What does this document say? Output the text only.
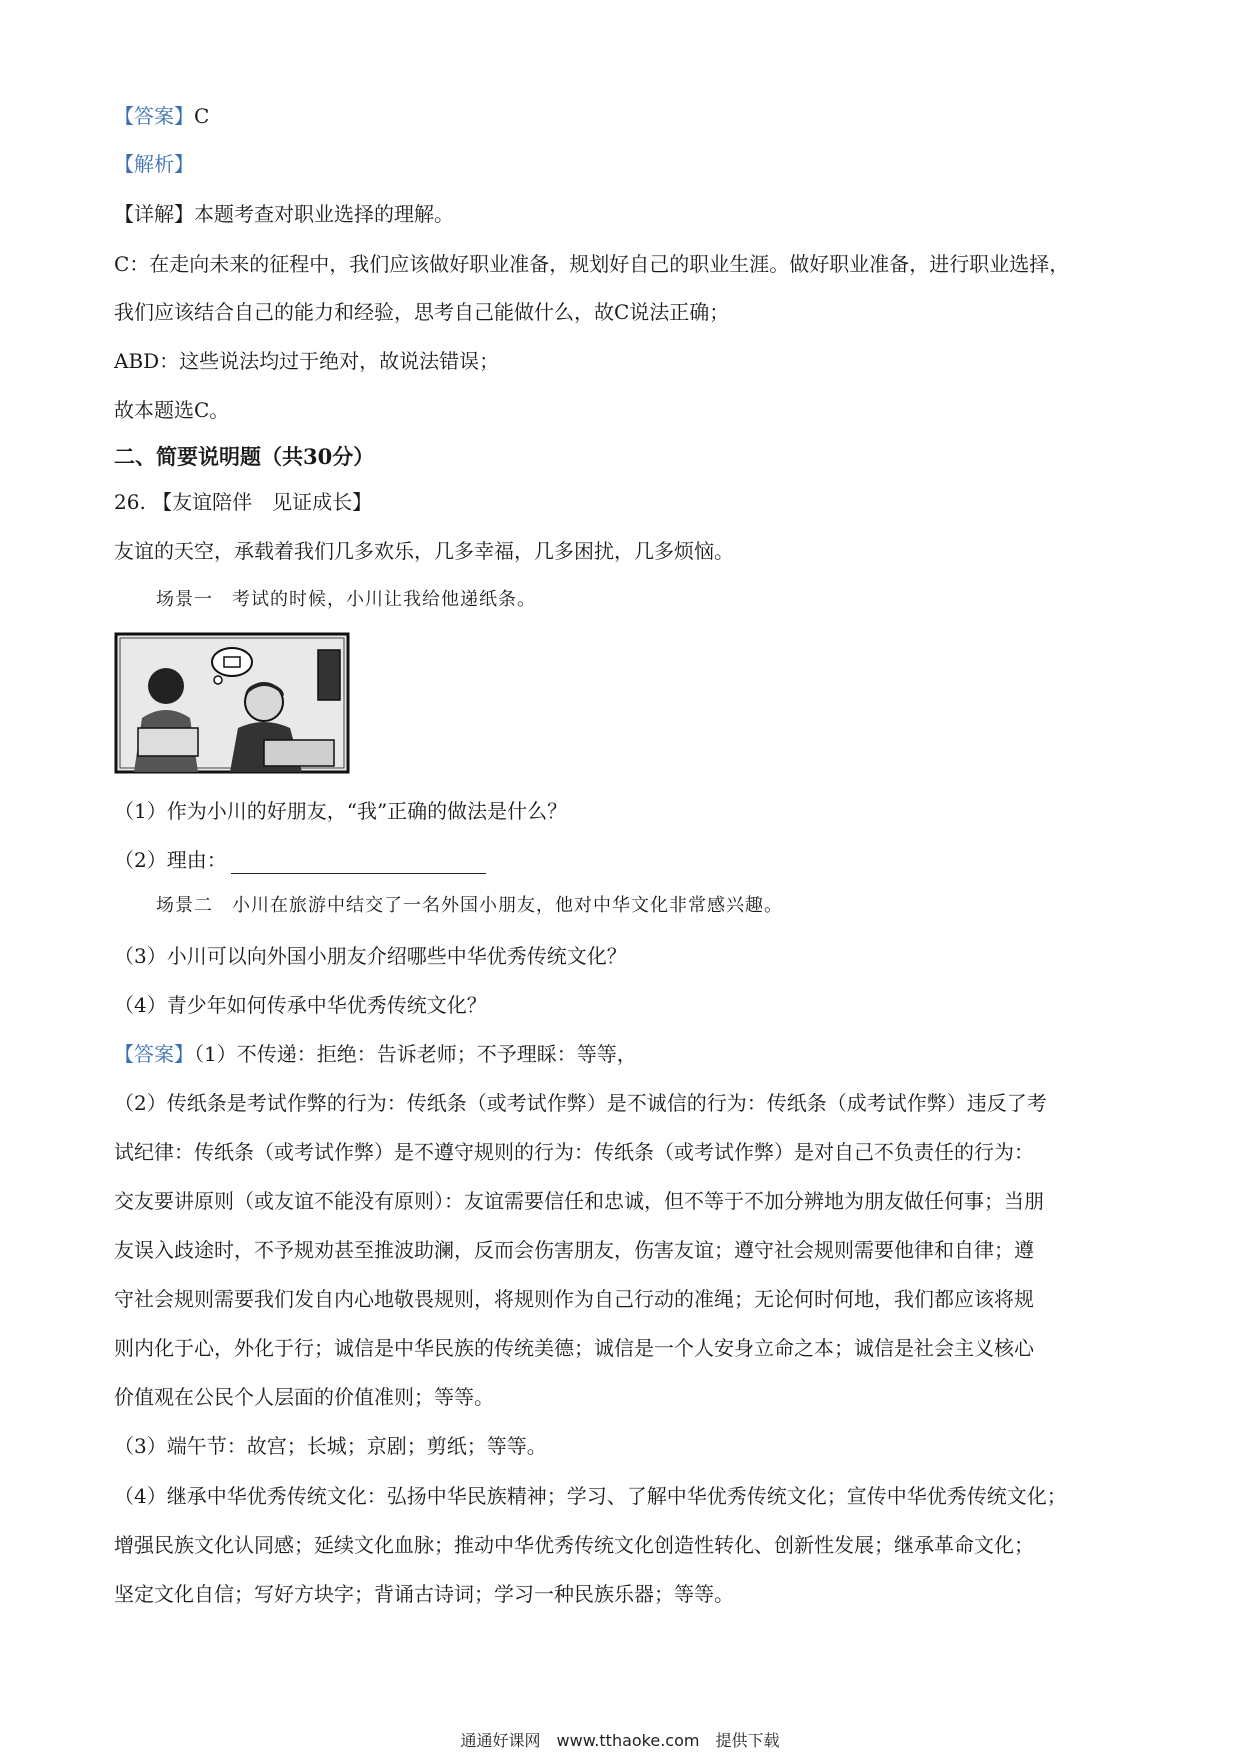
【答案】C
【解析】
【详解】本题考查对职业选择的理解。
C：在走向未来的征程中，我们应该做好职业准备，规划好自己的职业生涯。做好职业准备，进行职业选择，
我们应该结合自己的能力和经验，思考自己能做什么，故C说法正确；
ABD：这些说法均过于绝对，故说法错误；
故本题选C。
二、简要说明题（共30分）
26. 【友谊陪伴　见证成长】
友谊的天空，承载着我们几多欢乐，几多幸福，几多困扰，几多烦恼。
场景一　考试的时候，小川让我给他递纸条。
（1）作为小川的好朋友，“我”正确的做法是什么？
（2）理由：
场景二　小川在旅游中结交了一名外国小朋友，他对中华文化非常感兴趣。
（3）小川可以向外国小朋友介绍哪些中华优秀传统文化？
（4）青少年如何传承中华优秀传统文化？
【答案】（1）不传递：拒绝：告诉老师；不予理睬：等等，
（2）传纸条是考试作弊的行为：传纸条（或考试作弊）是不诚信的行为：传纸条（成考试作弊）违反了考
试纪律：传纸条（或考试作弊）是不遵守规则的行为：传纸条（或考试作弊）是对自己不负责任的行为：
交友要讲原则（或友谊不能没有原则）：友谊需要信任和忠诚，但不等于不加分辨地为朋友做任何事；当朋
友误入歧途时，不予规劝甚至推波助澜，反而会伤害朋友，伤害友谊；遵守社会规则需要他律和自律；遵
守社会规则需要我们发自内心地敬畏规则，将规则作为自己行动的准绳；无论何时何地，我们都应该将规
则内化于心，外化于行；诚信是中华民族的传统美德；诚信是一个人安身立命之本；诚信是社会主义核心
价值观在公民个人层面的价值准则；等等。
（3）端午节：故宫；长城；京剧；剪纸；等等。
（4）继承中华优秀传统文化：弘扬中华民族精神；学习、了解中华优秀传统文化；宣传中华优秀传统文化；
增强民族文化认同感；延续文化血脉；推动中华优秀传统文化创造性转化、创新性发展；继承革命文化；
坚定文化自信；写好方块字；背诵古诗词；学习一种民族乐器；等等。
通通好课网　www.tthaoke.com　提供下载
